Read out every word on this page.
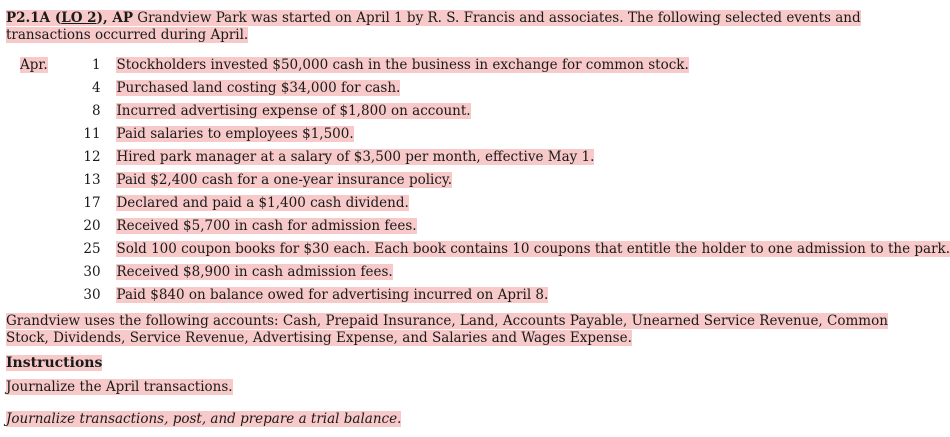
P2.1A (LO 2), AP Grandview Park was started on April 1 by R. S. Francis and associates. The following selected events and transactions occurred during April.
Apr.	1		Stockholders invested $50,000 cash in the business in exchange for common stock.
	4		Purchased land costing $34,000 for cash.
	8		Incurred advertising expense of $1,800 on account.
	11		Paid salaries to employees $1,500.
	12		Hired park manager at a salary of $3,500 per month, effective May 1.
	13		Paid $2,400 cash for a one-year insurance policy.
	17		Declared and paid a $1,400 cash dividend.
	20		Received $5,700 in cash for admission fees.
	25		Sold 100 coupon books for $30 each. Each book contains 10 coupons that entitle the holder to one admission to the park.
	30		Received $8,900 in cash admission fees.
	30		Paid $840 on balance owed for advertising incurred on April 8.
Grandview uses the following accounts: Cash, Prepaid Insurance, Land, Accounts Payable, Unearned Service Revenue, Common Stock, Dividends, Service Revenue, Advertising Expense, and Salaries and Wages Expense.
Instructions
Journalize the April transactions.
Journalize transactions, post, and prepare a trial balance.
